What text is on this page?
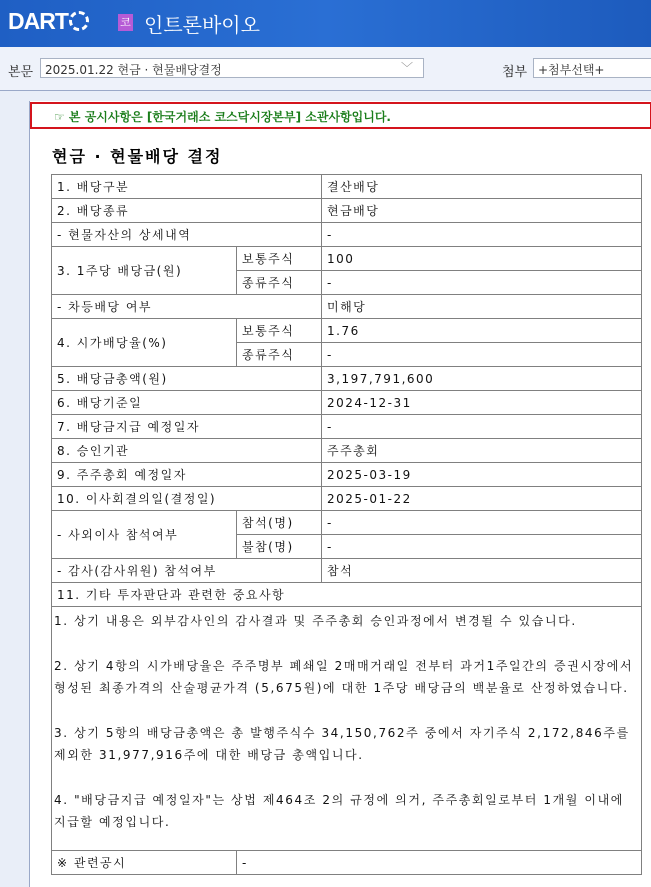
DART	코 인트론바이오
본문 2025.01.22 현금 · 현물배당결정	﹀	첨부 +첨부선택+
☞ 본 공시사항은 [한국거래소 코스닥시장본부] 소관사항입니다.
현금 · 현물배당 결정
1. 배당구분		결산배당
2. 배당종류		현금배당
- 현물자산의 상세내역		-
3. 1주당 배당금(원)	보통주식	100
	종류주식	-
- 차등배당 여부		미해당
4. 시가배당율(%)	보통주식	1.76
	종류주식	-
5. 배당금총액(원)		3,197,791,600
6. 배당기준일		2024-12-31
7. 배당금지급 예정일자		-
8. 승인기관		주주총회
9. 주주총회 예정일자		2025-03-19
10. 이사회결의일(결정일)		2025-01-22
- 사외이사 참석여부	참석(명)	-
	불참(명)	-
- 감사(감사위원) 참석여부		참석
11. 기타 투자판단과 관련한 중요사항		

1. 상기 내용은 외부감사인의 감사결과 및 주주총회 승인과정에서 변경될 수 있습니다.

2. 상기 4항의 시가배당율은 주주명부 폐쇄일 2매매거래일 전부터 과거1주일간의 증권시장에서 형성된 최종가격의 산술평균가격 (5,675원)에 대한 1주당 배당금의 백분율로 산정하였습니다.

3. 상기 5항의 배당금총액은 총 발행주식수 34,150,762주 중에서 자기주식 2,172,846주를 제외한 31,977,916주에 대한 배당금 총액입니다.

4. "배당금지급 예정일자"는 상법 제464조 2의 규정에 의거, 주주총회일로부터 1개월 이내에 지급할 예정입니다.		

※ 관련공시	-	
